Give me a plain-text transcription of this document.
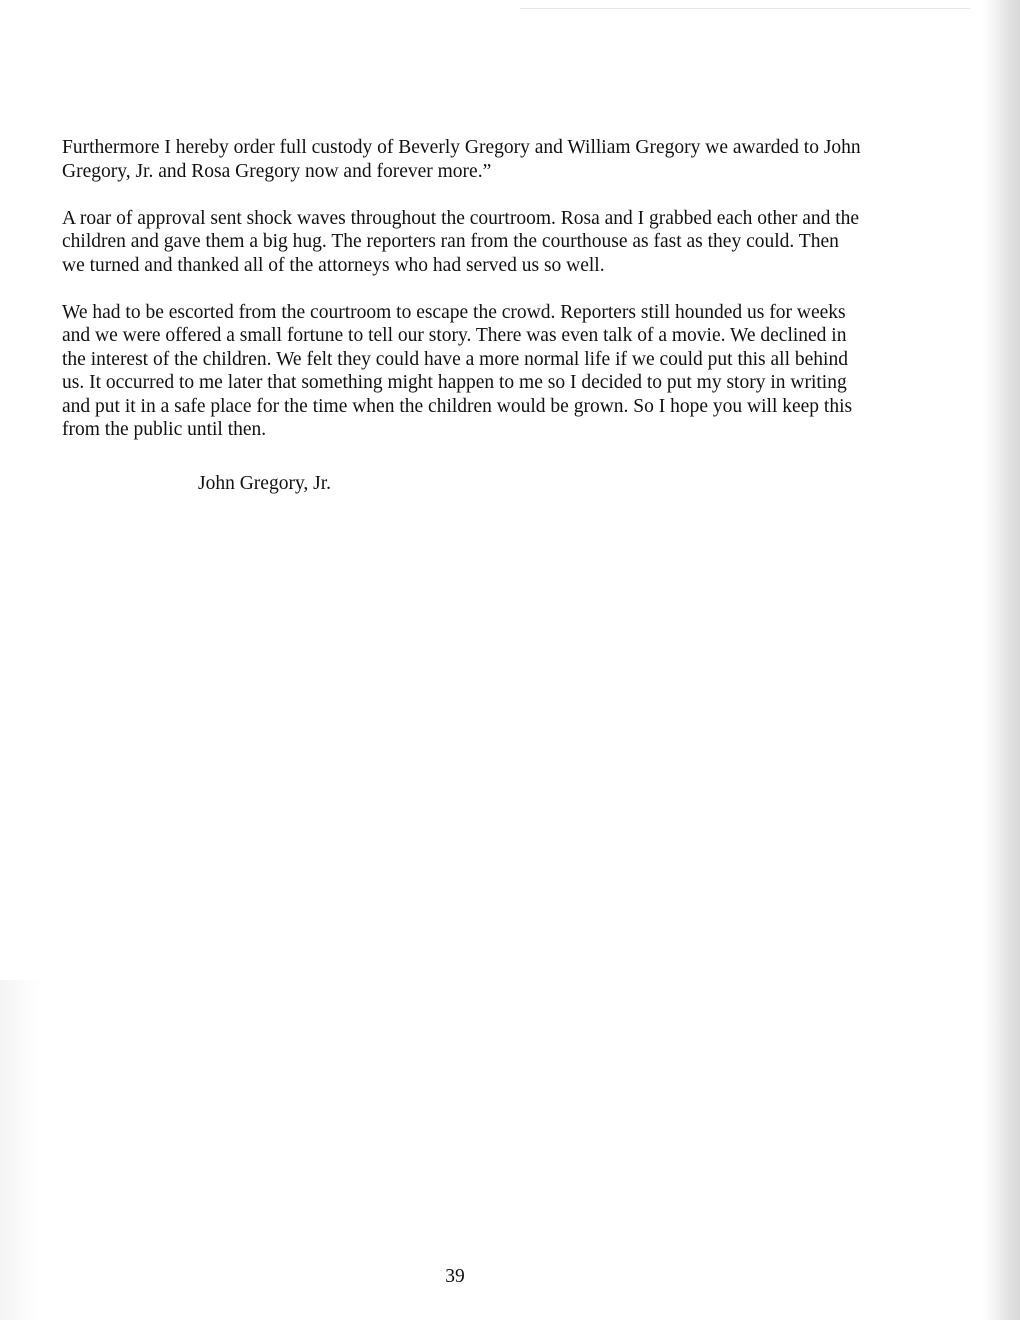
Furthermore I hereby order full custody of Beverly Gregory and William Gregory we awarded to John Gregory, Jr. and Rosa Gregory now and forever more.”

A roar of approval sent shock waves throughout the courtroom. Rosa and I grabbed each other and the children and gave them a big hug. The reporters ran from the courthouse as fast as they could. Then we turned and thanked all of the attorneys who had served us so well.

We had to be escorted from the courtroom to escape the crowd. Reporters still hounded us for weeks and we were offered a small fortune to tell our story. There was even talk of a movie. We declined in the interest of the children. We felt they could have a more normal life if we could put this all behind us. It occurred to me later that something might happen to me so I decided to put my story in writing and put it in a safe place for the time when the children would be grown. So I hope you will keep this from the public until then.

John Gregory, Jr.
39
